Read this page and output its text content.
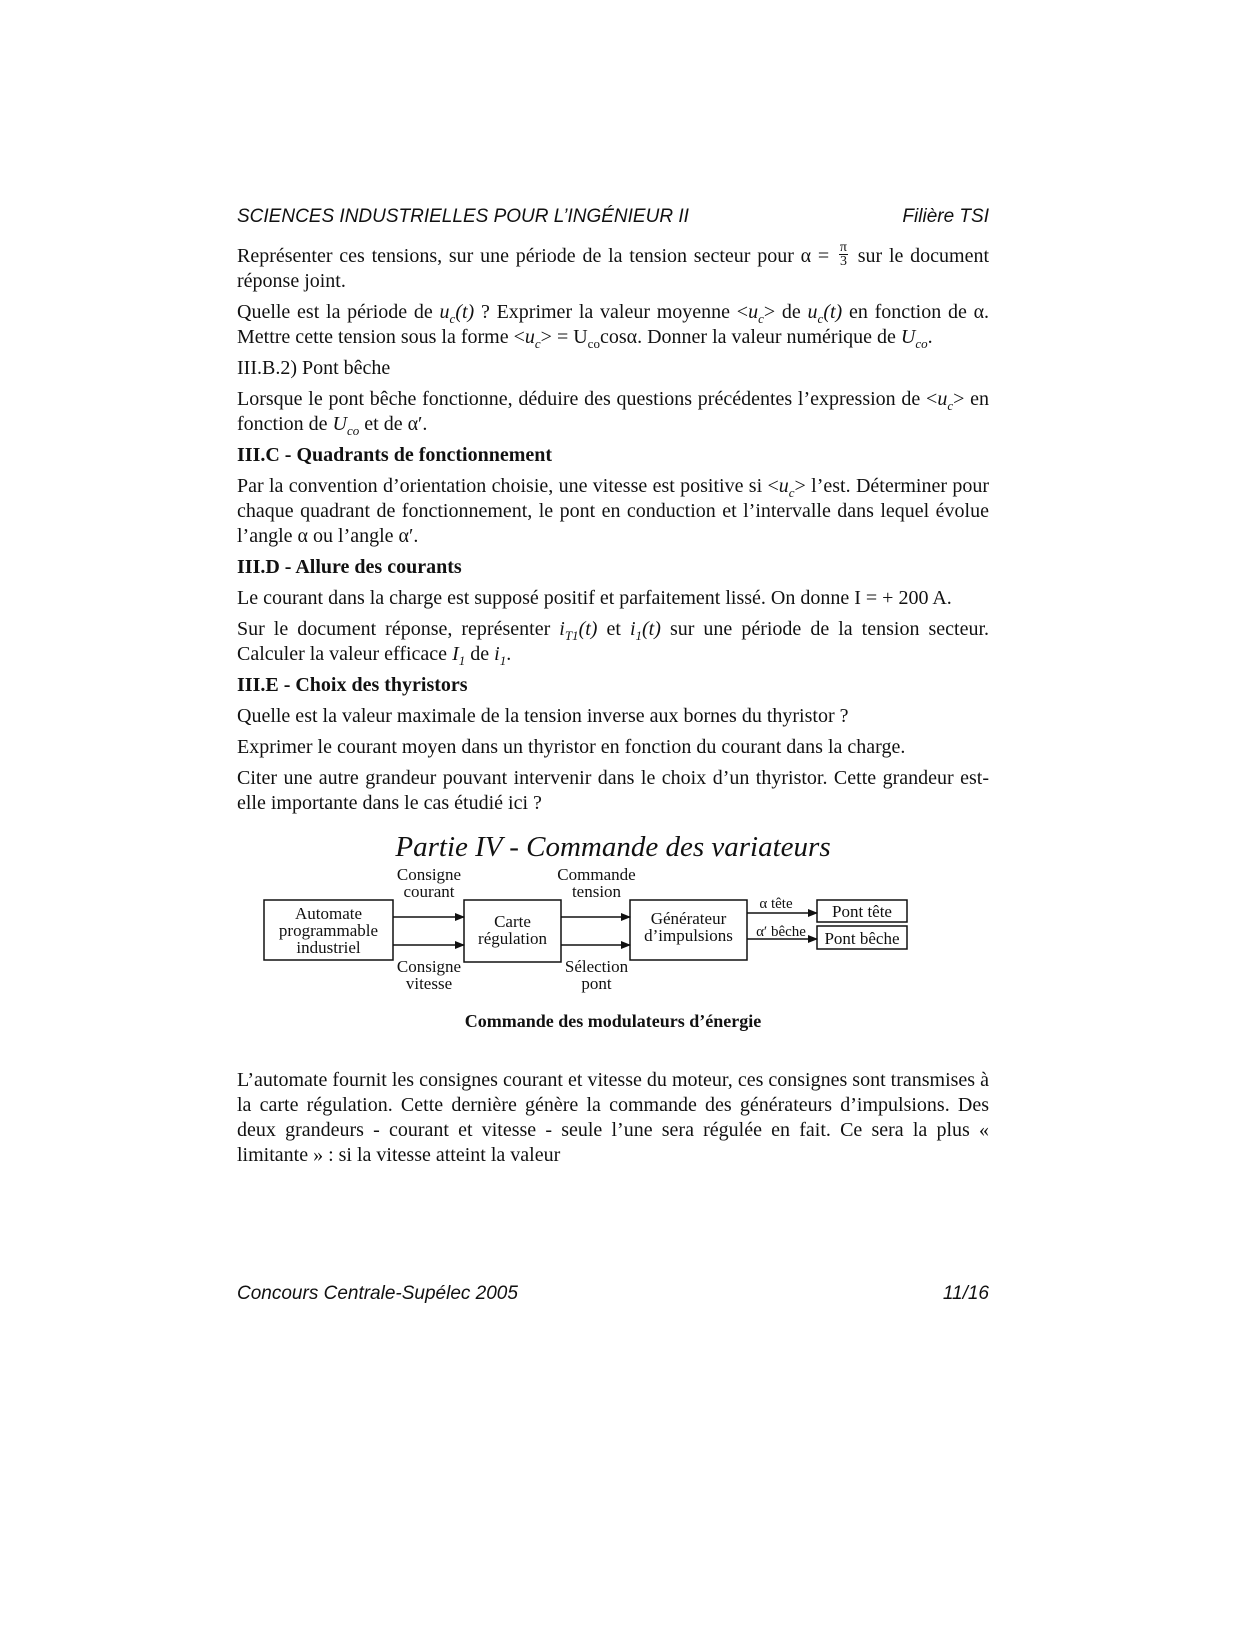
SCIENCES INDUSTRIELLES POUR L’INGÉNIEUR II	Filière TSI

Représenter ces tensions, sur une période de la tension secteur pour $\alpha = \frac{\pi}{3}$ sur le document réponse joint.

Quelle est la période de $u_c(t)$ ? Exprimer la valeur moyenne $<u_c>$ de $u_c(t)$ en fonction de α. Mettre cette tension sous la forme $<u_c> = U_{co}\cos\alpha$. Donner la valeur numérique de $U_{co}$.

III.B.2) Pont bêche

Lorsque le pont bêche fonctionne, déduire des questions précédentes l’expression de $<u_c>$ en fonction de $U_{co}$ et de α′.

III.C - Quadrants de fonctionnement

Par la convention d’orientation choisie, une vitesse est positive si $<u_c>$ l’est. Déterminer pour chaque quadrant de fonctionnement, le pont en conduction et l’intervalle dans lequel évolue l’angle α ou l’angle α′.

III.D - Allure des courants

Le courant dans la charge est supposé positif et parfaitement lissé. On donne I = + 200 A.

Sur le document réponse, représenter $i_{T1}(t)$ et $i_1(t)$ sur une période de la tension secteur. Calculer la valeur efficace $I_1$ de $i_1$.

III.E - Choix des thyristors

Quelle est la valeur maximale de la tension inverse aux bornes du thyristor ?

Exprimer le courant moyen dans un thyristor en fonction du courant dans la charge.

Citer une autre grandeur pouvant intervenir dans le choix d’un thyristor. Cette grandeur est-elle importante dans le cas étudié ici ?

Partie IV - Commande des variateurs
Automate
programmable
industriel
Consigne
courant
Consigne
vitesse
Carte
régulation
Commande
tension
Sélection
pont
Générateur
d’impulsions
α tête
α′ bêche
Pont tête
Pont bêche
Commande des modulateurs d’énergie

L’automate fournit les consignes courant et vitesse du moteur, ces consignes sont transmises à la carte régulation. Cette dernière génère la commande des générateurs d’impulsions. Des deux grandeurs - courant et vitesse - seule l’une sera régulée en fait. Ce sera la plus « limitante » : si la vitesse atteint la valeur

Concours Centrale-Supélec 2005	11/16
